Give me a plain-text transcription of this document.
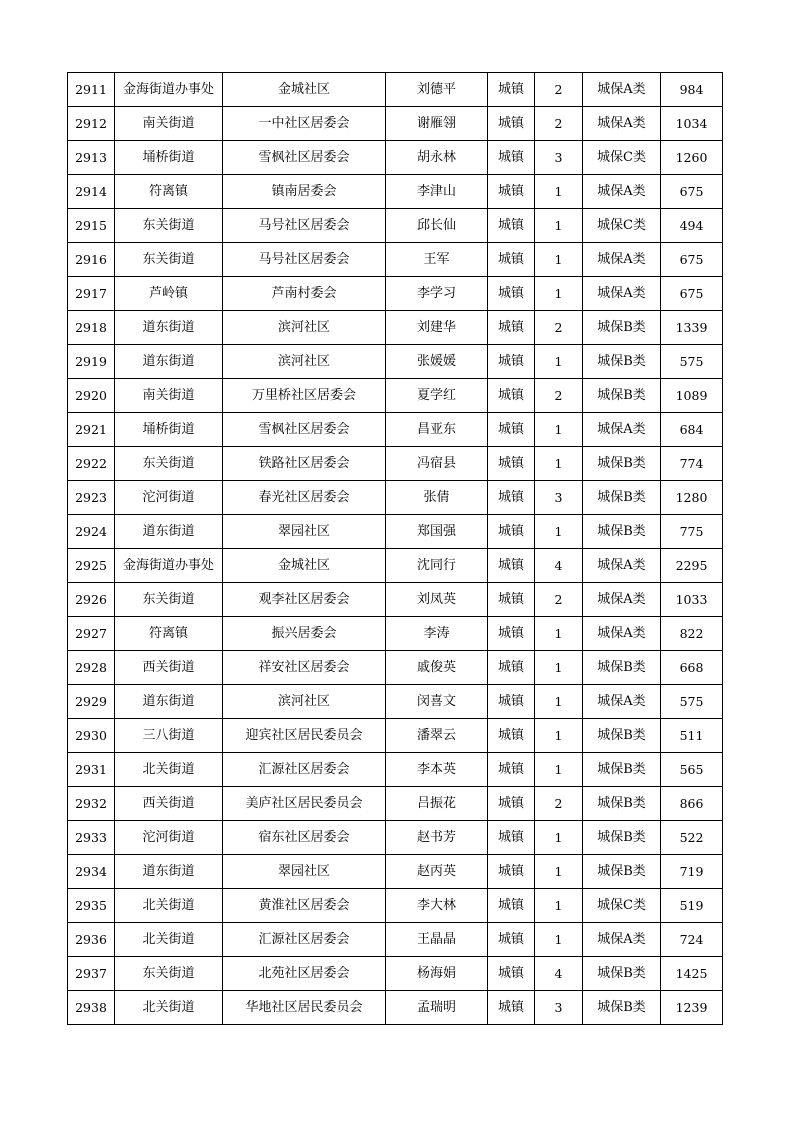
2911	金海街道办事处	金城社区	刘德平	城镇	2	城保A类	984
2912	南关街道	一中社区居委会	谢雁翎	城镇	2	城保A类	1034
2913	埇桥街道	雪枫社区居委会	胡永林	城镇	3	城保C类	1260
2914	符离镇	镇南居委会	李津山	城镇	1	城保A类	675
2915	东关街道	马号社区居委会	邱长仙	城镇	1	城保C类	494
2916	东关街道	马号社区居委会	王军	城镇	1	城保A类	675
2917	芦岭镇	芦南村委会	李学习	城镇	1	城保A类	675
2918	道东街道	滨河社区	刘建华	城镇	2	城保B类	1339
2919	道东街道	滨河社区	张媛媛	城镇	1	城保B类	575
2920	南关街道	万里桥社区居委会	夏学红	城镇	2	城保B类	1089
2921	埇桥街道	雪枫社区居委会	昌亚东	城镇	1	城保A类	684
2922	东关街道	铁路社区居委会	冯宿县	城镇	1	城保B类	774
2923	沱河街道	春光社区居委会	张倩	城镇	3	城保B类	1280
2924	道东街道	翠园社区	郑国强	城镇	1	城保B类	775
2925	金海街道办事处	金城社区	沈同行	城镇	4	城保A类	2295
2926	东关街道	观李社区居委会	刘凤英	城镇	2	城保A类	1033
2927	符离镇	振兴居委会	李涛	城镇	1	城保A类	822
2928	西关街道	祥安社区居委会	戚俊英	城镇	1	城保B类	668
2929	道东街道	滨河社区	闵喜文	城镇	1	城保A类	575
2930	三八街道	迎宾社区居民委员会	潘翠云	城镇	1	城保B类	511
2931	北关街道	汇源社区居委会	李本英	城镇	1	城保B类	565
2932	西关街道	美庐社区居民委员会	吕振花	城镇	2	城保B类	866
2933	沱河街道	宿东社区居委会	赵书芳	城镇	1	城保B类	522
2934	道东街道	翠园社区	赵丙英	城镇	1	城保B类	719
2935	北关街道	黄淮社区居委会	李大林	城镇	1	城保C类	519
2936	北关街道	汇源社区居委会	王晶晶	城镇	1	城保A类	724
2937	东关街道	北苑社区居委会	杨海娟	城镇	4	城保B类	1425
2938	北关街道	华地社区居民委员会	孟瑞明	城镇	3	城保B类	1239
